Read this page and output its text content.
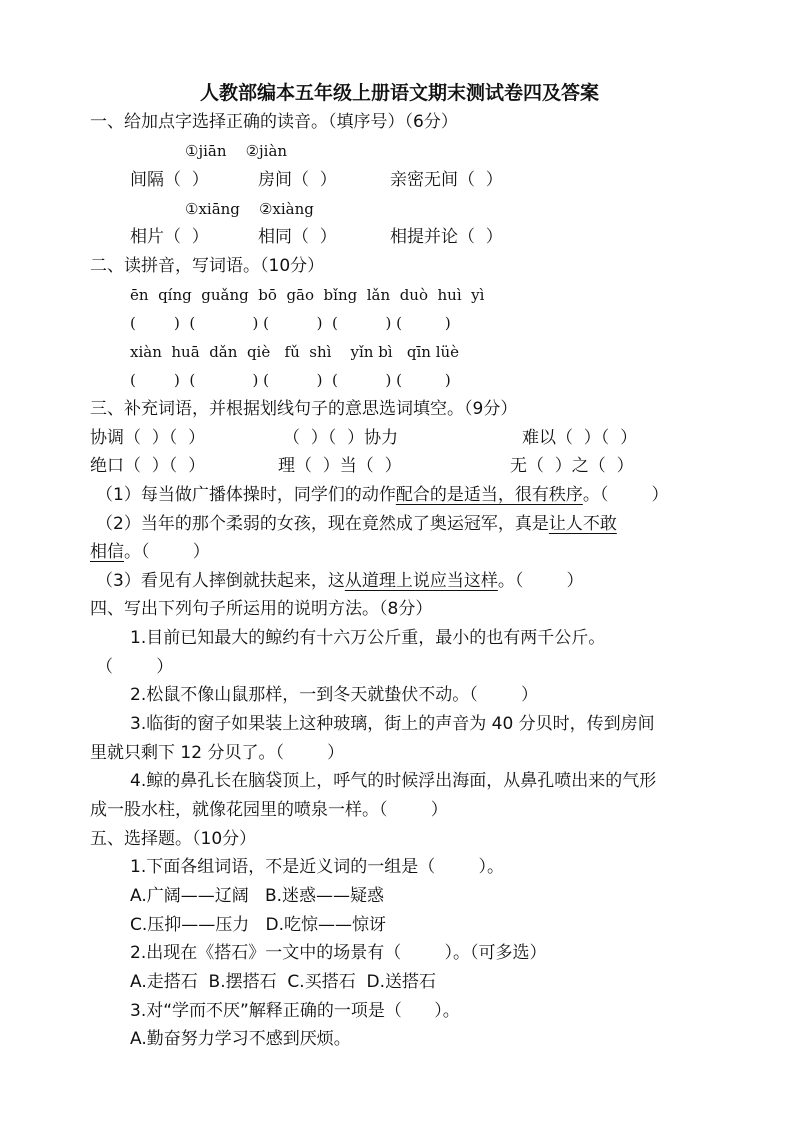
人教部编本五年级上册语文期末测试卷四及答案
一、给加点字选择正确的读音。（填序号）（6分）
①jiān    ②jiàn
间隔（  ）	房间（  ）	亲密无间（  ）
①xiāng    ②xiàng
相片（  ）	相同（  ）	相提并论（  ）
二、读拼音，写词语。（10分）
ēn  qíng  guǎng  bō  gāo  bǐng  lǎn  duò  huì  yì
(        )  (            ) (          )  (          ) (         )
xiàn  huā  dǎn  qiè   fǔ  shì    yǐn bì   qīn lüè
(        )  (            ) (          )  (          ) (         )
三、补充词语，并根据划线句子的意思选词填空。（9分）
协调（  ）（  ）	（  ）（  ）协力	难以（  ）（  ）
绝口（  ）（  ）	理（  ）当（  ）	无（  ）之（  ）
（1）每当做广播体操时，同学们的动作配合的是适当，很有秩序。（        ）
（2）当年的那个柔弱的女孩，现在竟然成了奥运冠军，真是让人不敢
相信。（        ）
（3）看见有人摔倒就扶起来，这从道理上说应当这样。（        ）
四、写出下列句子所运用的说明方法。（8分）
1.目前已知最大的鲸约有十六万公斤重，最小的也有两千公斤。
（        ）
2.松鼠不像山鼠那样，一到冬天就蛰伏不动。（        ）
3.临街的窗子如果装上这种玻璃，街上的声音为 40 分贝时，传到房间
里就只剩下 12 分贝了。（        ）
4.鲸的鼻孔长在脑袋顶上，呼气的时候浮出海面，从鼻孔喷出来的气形
成一股水柱，就像花园里的喷泉一样。（        ）
五、选择题。（10分）
1.下面各组词语，不是近义词的一组是（        ）。
A.广阔——辽阔   B.迷惑——疑惑
C.压抑——压力   D.吃惊——惊讶
2.出现在《搭石》一文中的场景有（        ）。（可多选）
A.走搭石  B.摆搭石  C.买搭石  D.送搭石
3.对“学而不厌”解释正确的一项是（      ）。
A.勤奋努力学习不感到厌烦。
